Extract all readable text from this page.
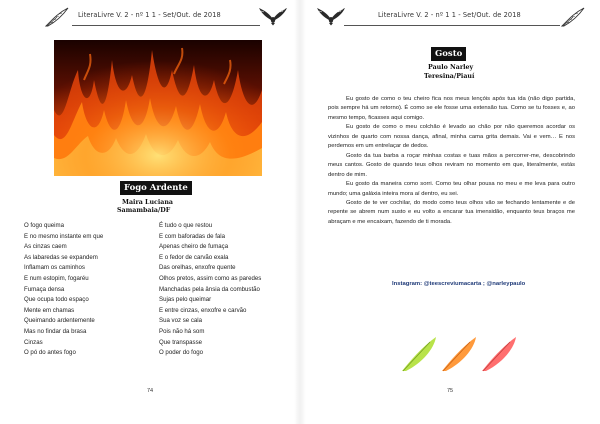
LiteraLivre V. 2 - nº 1 1 - Set/Out. de 2018
Fogo Ardente
Maira Luciana
Samambaia/DF
O fogo queima
E no mesmo instante em que
As cinzas caem
As labaredas se expandem
Inflamam os caminhos
E num estopim, fogaréu
Fumaça densa
Que ocupa todo espaço
Mente em chamas
Queimando ardentemente
Mas no findar da brasa
Cinzas
O pó do antes fogo
É tudo o que restou
E com baforadas de fala
Apenas cheiro de fumaça
E o fedor de carvão exala
Das orelhas, enxofre quente
Olhos pretos, assim como as paredes
Manchadas pela ânsia da combustão
Sujas pelo queimar
E entre cinzas, enxofre e carvão
Sua voz se cala
Pois não há som
Que transpasse
O poder do fogo
74
LiteraLivre V. 2 - nº 1 1 - Set/Out. de 2018
Gosto
Paulo Narley
Teresina/Piauí

Eu gosto de como o teu cheiro fica nos meus lençóis após tua ida (não digo partida, pois sempre há um retorno). É como se ele fosse uma extensão tua. Como se tu fosses e, ao mesmo tempo, ficasses aqui comigo.

Eu gosto de como o meu colchão é levado ao chão por não queremos acordar os vizinhos de quarto com nossa dança, afinal, minha cama grita demais. Vai e vem… E nos perdemos em um entrelaçar de dedos.

Gosto da tua barba a roçar minhas costas e tuas mãos a percorrer-me, descobrindo meus cantos. Gosto de quando teus olhos reviram no momento em que, literalmente, estás dentro de mim.

Eu gosto da maneira como sorri. Como teu olhar pousa no meu e me leva para outro mundo; uma galáxia inteira mora aí dentro, eu sei.

Gosto de te ver cochilar, do modo como teus olhos vão se fechando lentamente e de repente se abrem num susto e eu volto a encarar tua imensidão, enquanto teus braços me abraçam e me encaixam, fazendo de ti morada.

Instagram: @teescreviumacarta ; @narleypaulo
75
